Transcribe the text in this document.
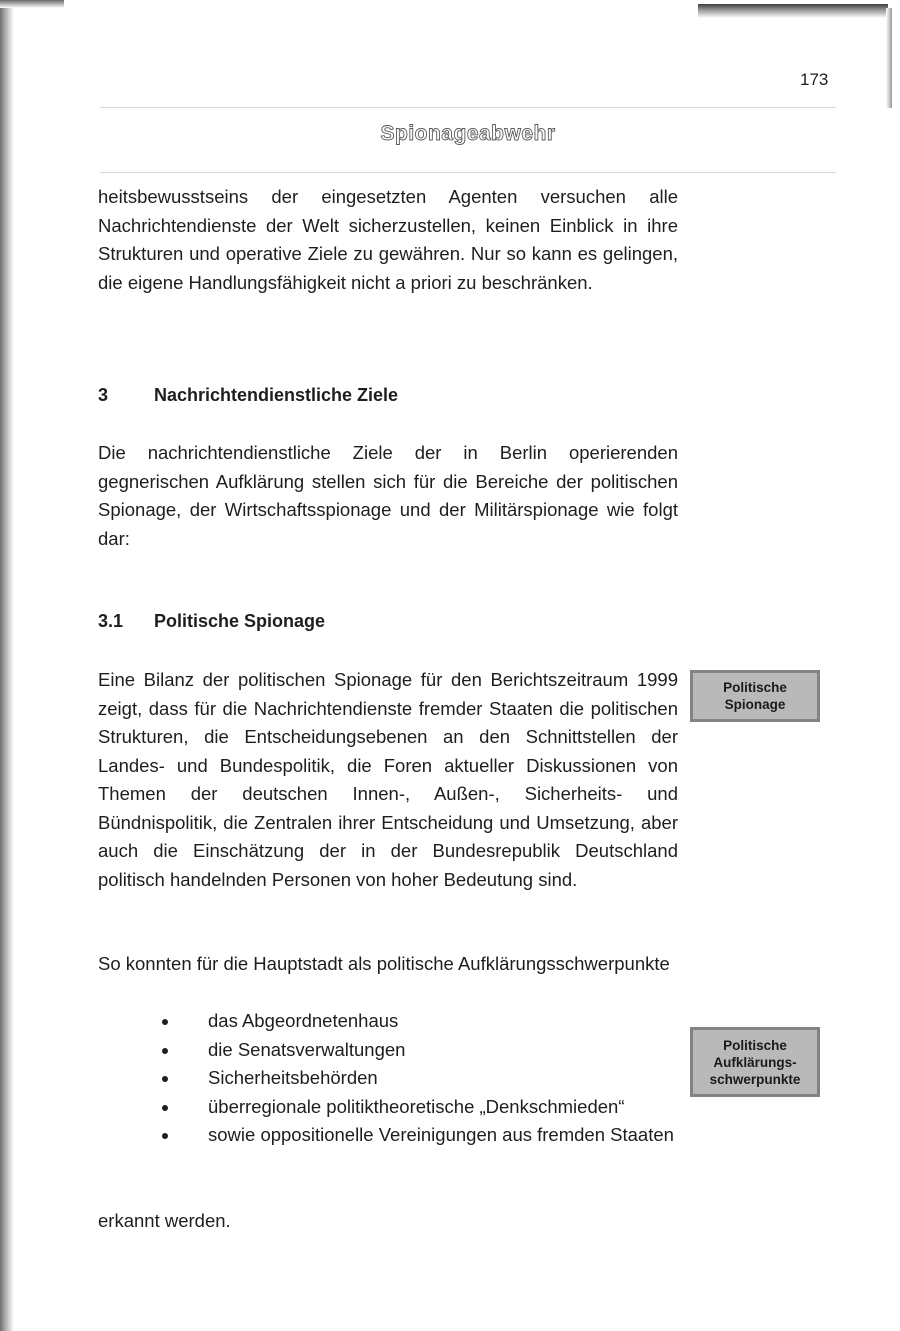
173
Spionageabwehr

heitsbewusstseins der eingesetzten Agenten versuchen alle Nachrichtendienste der Welt sicherzustellen, keinen Einblick in ihre Strukturen und operative Ziele zu gewähren. Nur so kann es gelingen, die eigene Handlungsfähigkeit nicht a priori zu beschränken.

3	Nachrichtendienstliche Ziele

Die nachrichtendienstliche Ziele der in Berlin operierenden gegnerischen Aufklärung stellen sich für die Bereiche der politischen Spionage, der Wirtschaftsspionage und der Militärspionage wie folgt dar:

3.1 Politische Spionage

Eine Bilanz der politischen Spionage für den Berichtszeitraum 1999 zeigt, dass für die Nachrichtendienste fremder Staaten die politischen Strukturen, die Entscheidungsebenen an den Schnittstellen der Landes- und Bundespolitik, die Foren aktueller Diskussionen von Themen der deutschen Innen-, Außen-, Sicherheits- und Bündnispolitik, die Zentralen ihrer Entscheidung und Umsetzung, aber auch die Einschätzung der in der Bundesrepublik Deutschland politisch handelnden Personen von hoher Bedeutung sind.

So konnten für die Hauptstadt als politische Aufklärungsschwerpunkte

das Abgeordnetenhaus
die Senatsverwaltungen
Sicherheitsbehörden
überregionale politiktheoretische „Denkschmieden“
sowie oppositionelle Vereinigungen aus fremden Staaten

erkannt werden.

Politische
Spionage
Politische
Aufklärungs-
schwerpunkte
